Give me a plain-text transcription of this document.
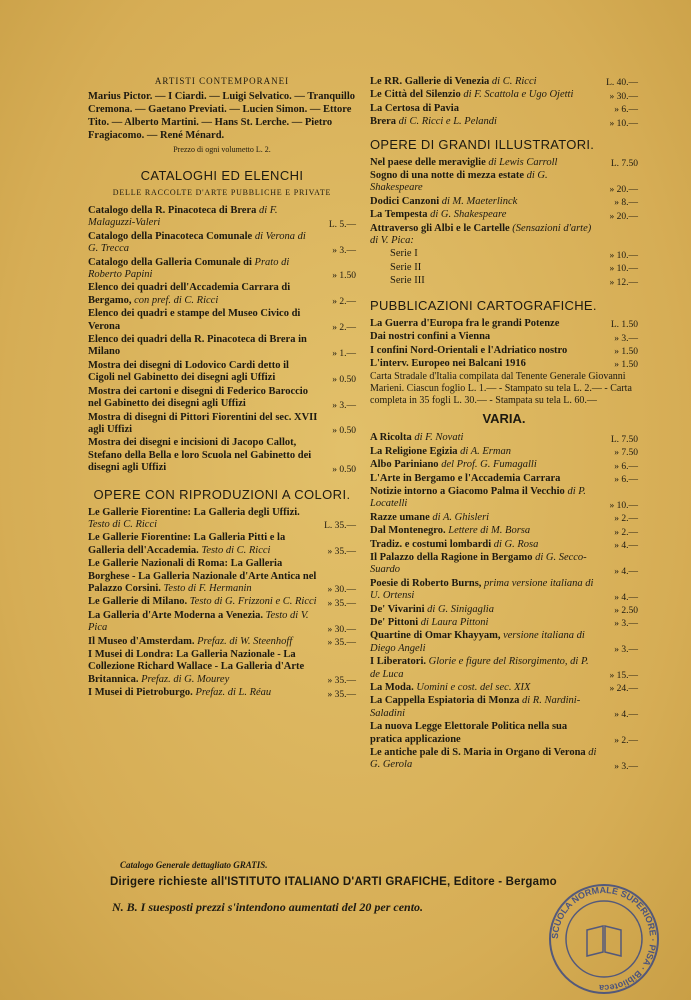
ARTISTI CONTEMPORANEI

Marius Pictor. — I Ciardi. — Luigi Selvatico. — Tranquillo Cremona. — Gaetano Previati. — Lucien Simon. — Ettore Tito. — Alberto Martini. — Hans St. Lerche. — Pietro Fragiacomo. — René Ménard.

Prezzo di ogni volumetto L. 2.
CATALOGHI ED ELENCHI
DELLE RACCOLTE D'ARTE PUBBLICHE E PRIVATE
Catalogo della R. Pinacoteca di Brera di F. Malaguzzi-Valeri	L. 5.—
Catalogo della Pinacoteca Comunale di Verona di G. Trecca	» 3.—
Catalogo della Galleria Comunale di Prato di Roberto Papini	» 1.50
Elenco dei quadri dell'Accademia Carrara di Bergamo, con pref. di C. Ricci	» 2.—
Elenco dei quadri e stampe del Museo Civico di Verona	» 2.—
Elenco dei quadri della R. Pinacoteca di Brera in Milano	» 1.—
Mostra dei disegni di Lodovico Cardi detto il Cigoli nel Gabinetto dei disegni agli Uffizi	» 0.50
Mostra dei cartoni e disegni di Federico Baroccio nel Gabinetto dei disegni agli Uffizi	» 3.—
Mostra di disegni di Pittori Fiorentini del sec. XVII agli Uffizi	» 0.50
Mostra dei disegni e incisioni di Jacopo Callot, Stefano della Bella e loro Scuola nel Gabinetto dei disegni agli Uffizi	» 0.50
OPERE CON RIPRODUZIONI A COLORI.
Le Gallerie Fiorentine: La Galleria degli Uffizi. Testo di C. Ricci	L. 35.—
Le Gallerie Fiorentine: La Galleria Pitti e la Galleria dell'Accademia. Testo di C. Ricci	» 35.—
Le Gallerie Nazionali di Roma: La Galleria Borghese - La Galleria Nazionale d'Arte Antica nel Palazzo Corsini. Testo di F. Hermanin	» 30.—
Le Gallerie di Milano. Testo di G. Frizzoni e C. Ricci	» 35.—
La Galleria d'Arte Moderna a Venezia. Testo di V. Pica	» 30.—
Il Museo d'Amsterdam. Prefaz. di W. Steenhoff	» 35.—
I Musei di Londra: La Galleria Nazionale - La Collezione Richard Wallace - La Galleria d'Arte Britannica. Prefaz. di G. Mourey	» 35.—
I Musei di Pietroburgo. Prefaz. di L. Réau	» 35.—
Le RR. Gallerie di Venezia di C. Ricci	L. 40.—
Le Città del Silenzio di F. Scattola e Ugo Ojetti	» 30.—
La Certosa di Pavia	» 6.—
Brera di C. Ricci e L. Pelandi	» 10.—
OPERE DI GRANDI ILLUSTRATORI.
Nel paese delle meraviglie di Lewis Carroll	L. 7.50
Sogno di una notte di mezza estate di G. Shakespeare	» 20.—
Dodici Canzoni di M. Maeterlinck	» 8.—
La Tempesta di G. Shakespeare	» 20.—
Attraverso gli Albi e le Cartelle (Sensazioni d'arte) di V. Pica:
Serie I	» 10.—
Serie II	» 10.—
Serie III	» 12.—
PUBBLICAZIONI CARTOGRAFICHE.
La Guerra d'Europa fra le grandi Potenze	L. 1.50
Dai nostri confini a Vienna	» 3.—
I confini Nord-Orientali e l'Adriatico nostro	» 1.50
L'interv. Europeo nei Balcani 1916	» 1.50

Carta Stradale d'Italia compilata dal Tenente Generale Giovanni Marieni. Ciascun foglio L. 1.— - Stampato su tela L. 2.— - Carta completa in 35 fogli L. 30.— - Stampata su tela L. 60.—

VARIA.
A Ricolta di F. Novati	L. 7.50
La Religione Egizia di A. Erman	» 7.50
Albo Pariniano del Prof. G. Fumagalli	» 6.—
L'Arte in Bergamo e l'Accademia Carrara	» 6.—
Notizie intorno a Giacomo Palma il Vecchio di P. Locatelli	» 10.—
Razze umane di A. Ghisleri	» 2.—
Dal Montenegro. Lettere di M. Borsa	» 2.—
Tradiz. e costumi lombardi di G. Rosa	» 4.—
Il Palazzo della Ragione in Bergamo di G. Secco-Suardo	» 4.—
Poesie di Roberto Burns, prima versione italiana di U. Ortensi	» 4.—
De' Vivarini di G. Sinigaglia	» 2.50
De' Pittoni di Laura Pittoni	» 3.—
Quartine di Omar Khayyam, versione italiana di Diego Angeli	» 3.—
I Liberatori. Glorie e figure del Risorgimento, di P. de Luca	» 15.—
La Moda. Uomini e cost. del sec. XIX	» 24.—
La Cappella Espiatoria di Monza di R. Nardini-Saladini	» 4.—
La nuova Legge Elettorale Politica nella sua pratica applicazione	» 2.—
Le antiche pale di S. Maria in Organo di Verona di G. Gerola	» 3.—
Catalogo Generale dettagliato GRATIS.
Dirigere richieste all'ISTITUTO ITALIANO D'ARTI GRAFICHE, Editore - Bergamo
N. B. I suesposti prezzi s'intendono aumentati del 20 per cento.
SCUOLA NORMALE SUPERIORE · PISA · Biblioteca
